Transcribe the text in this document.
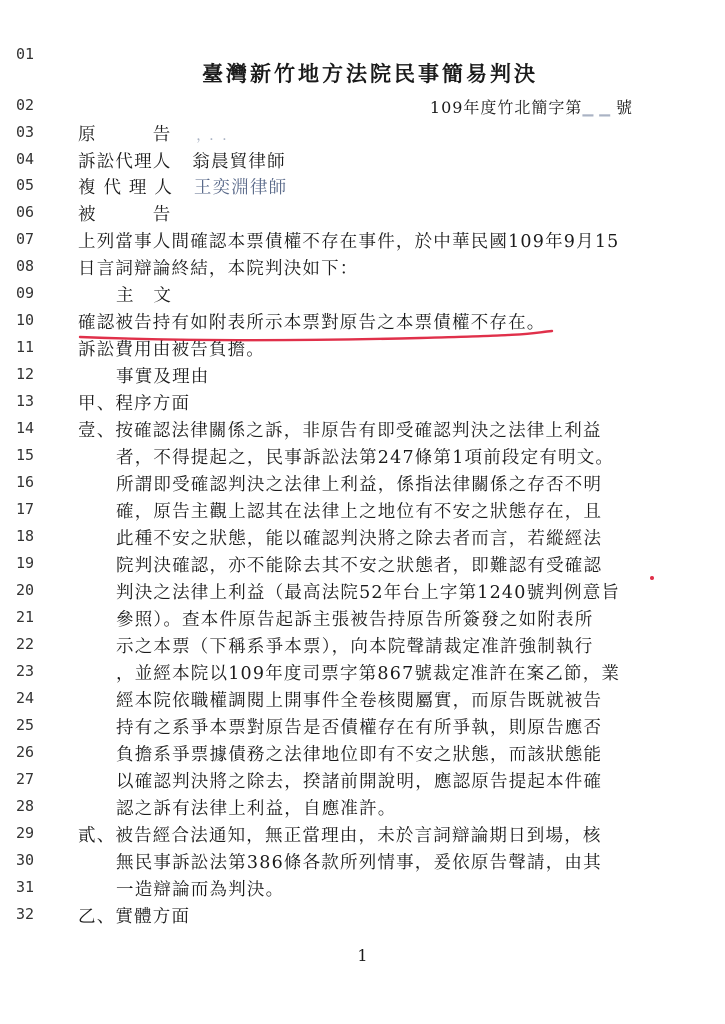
01
02
03
04
05
06
07
08
09
10
11
12
13
14
15
16
17
18
19
20
21
22
23
24
25
26
27
28
29
30
31
32
臺灣新竹地方法院民事簡易判決
109年度竹北簡字第▁▁號
原　　　告 ，．．
訴訟代理人 翁晨貿律師
複 代 理 人 王奕淵律師
被　　　告
上列當事人間確認本票債權不存在事件，於中華民國109年9月15
日言詞辯論終結，本院判決如下：
主　文
確認被告持有如附表所示本票對原告之本票債權不存在。
訴訟費用由被告負擔。
事實及理由
甲、程序方面
壹、按確認法律關係之訴，非原告有即受確認判決之法律上利益
者，不得提起之，民事訴訟法第247條第1項前段定有明文。
所謂即受確認判決之法律上利益，係指法律關係之存否不明
確，原告主觀上認其在法律上之地位有不安之狀態存在，且
此種不安之狀態，能以確認判決將之除去者而言，若縱經法
院判決確認，亦不能除去其不安之狀態者，即難認有受確認
判決之法律上利益（最高法院52年台上字第1240號判例意旨
參照）。查本件原告起訴主張被告持原告所簽發之如附表所
示之本票（下稱系爭本票），向本院聲請裁定准許強制執行
，並經本院以109年度司票字第867號裁定准許在案乙節，業
經本院依職權調閱上開事件全卷核閱屬實，而原告既就被告
持有之系爭本票對原告是否債權存在有所爭執，則原告應否
負擔系爭票據債務之法律地位即有不安之狀態，而該狀態能
以確認判決將之除去，揆諸前開說明，應認原告提起本件確
認之訴有法律上利益，自應准許。
貳、被告經合法通知，無正當理由，未於言詞辯論期日到場，核
無民事訴訟法第386條各款所列情事，爰依原告聲請，由其
一造辯論而為判決。
乙、實體方面
1
